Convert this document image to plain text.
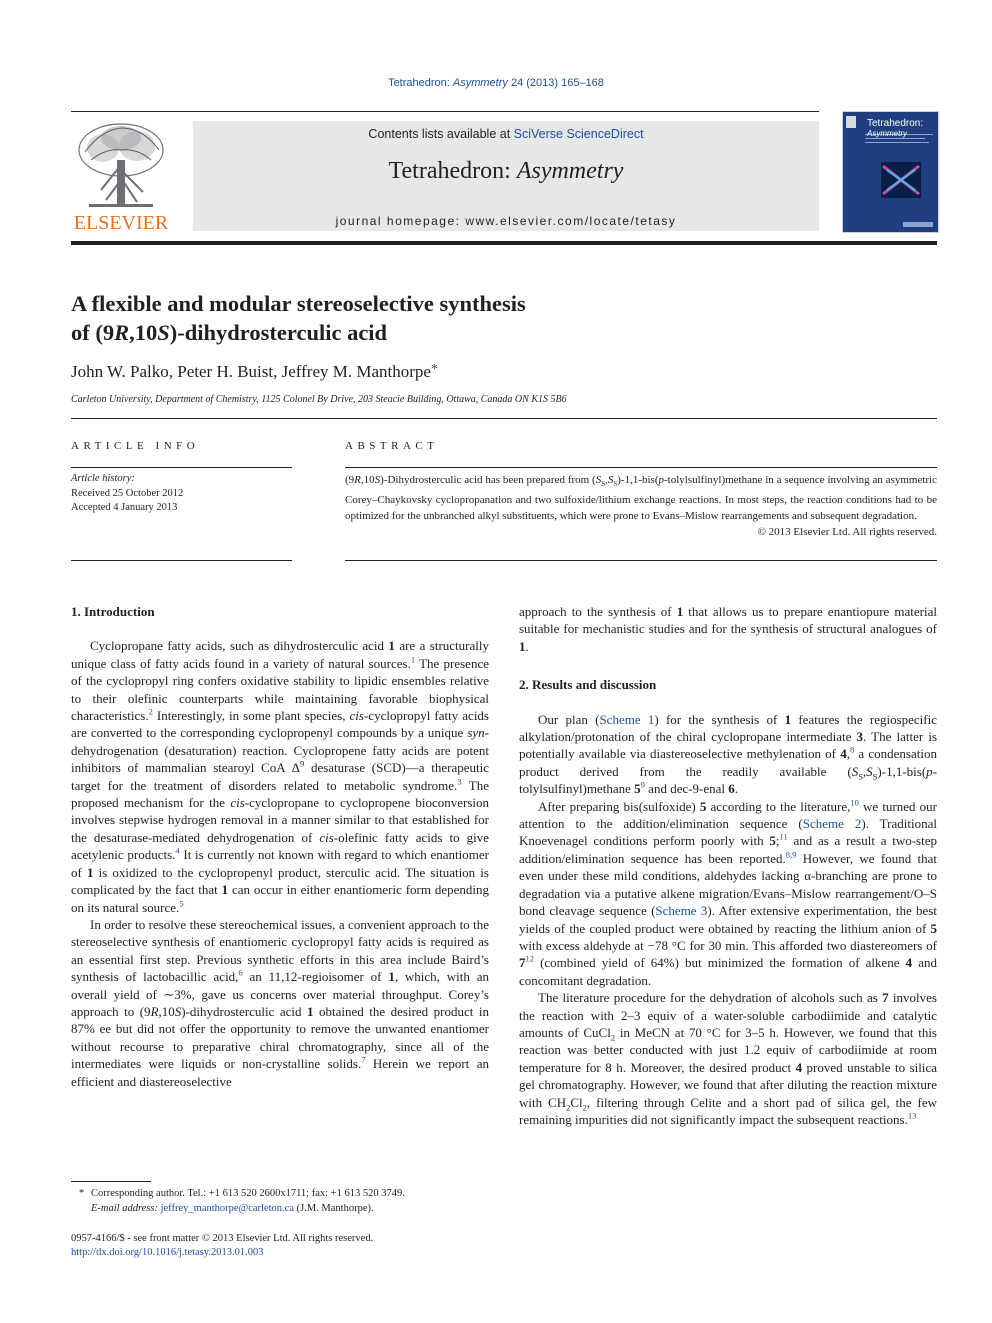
Tetrahedron: Asymmetry 24 (2013) 165–168
ELSEVIER
Contents lists available at SciVerse ScienceDirect
Tetrahedron: Asymmetry
journal homepage: www.elsevier.com/locate/tetasy
Tetrahedron:
Asymmetry
A flexible and modular stereoselective synthesis
of (9R,10S)-dihydrosterculic acid
John W. Palko, Peter H. Buist, Jeffrey M. Manthorpe*
Carleton University, Department of Chemistry, 1125 Colonel By Drive, 203 Steacie Building, Ottawa, Canada ON K1S 5B6
ARTICLE INFO
Article history:
Received 25 October 2012
Accepted 4 January 2013
ABSTRACT
(9R,10S)-Dihydrosterculic acid has been prepared from $(S_S,S_S)-1,1-bis(p-tolylsulfinyl)methane$ in a sequence involving an asymmetric Corey–Chaykovsky cyclopropanation and two sulfoxide/lithium exchange reactions. In most steps, the reaction conditions had to be optimized for the unbranched alkyl substituents, which were prone to Evans–Mislow rearrangements and subsequent degradation.
© 2013 Elsevier Ltd. All rights reserved.
1. Introduction

Cyclopropane fatty acids, such as dihydrosterculic acid 1 are a structurally unique class of fatty acids found in a variety of natural sources.$^1$ The presence of the cyclopropyl ring confers oxidative stability to lipidic ensembles relative to their olefinic counterparts while maintaining favorable biophysical characteristics.$^2$ Interestingly, in some plant species, cis-cyclopropyl fatty acids are converted to the corresponding cyclopropenyl compounds by a unique syn-dehydrogenation (desaturation) reaction. Cyclopropene fatty acids are potent inhibitors of mammalian stearoyl CoA $\Delta^9$ desaturase (SCD)—a therapeutic target for the treatment of disorders related to metabolic syndrome.$^3$ The proposed mechanism for the cis-cyclopropane to cyclopropene bioconversion involves stepwise hydrogen removal in a manner similar to that established for the desaturase-mediated dehydrogenation of cis-olefinic fatty acids to give acetylenic products.$^4$ It is currently not known with regard to which enantiomer of 1 is oxidized to the cyclopropenyl product, sterculic acid. The situation is complicated by the fact that 1 can occur in either enantiomeric form depending on its natural source.$^5$

In order to resolve these stereochemical issues, a convenient approach to the stereoselective synthesis of enantiomeric cyclopropyl fatty acids is required as an essential first step. Previous synthetic efforts in this area include Baird’s synthesis of lactobacillic acid,$^6$ an 11,12-regioisomer of 1, which, with an overall yield of ∼3%, gave us concerns over material throughput. Corey’s approach to (9R,10S)-dihydrosterculic acid 1 obtained the desired product in 87% ee but did not offer the opportunity to remove the unwanted enantiomer without recourse to preparative chiral chromatography, since all of the intermediates were liquids or non-crystalline solids.$^7$ Herein we report an efficient and diastereoselective

* Corresponding author. Tel.: +1 613 520 2600x1711; fax: +1 613 520 3749.
E-mail address: jeffrey_manthorpe@carleton.ca (J.M. Manthorpe).
0957-4166/$ - see front matter © 2013 Elsevier Ltd. All rights reserved.
http://dx.doi.org/10.1016/j.tetasy.2013.01.003

approach to the synthesis of 1 that allows us to prepare enantiopure material suitable for mechanistic studies and for the synthesis of structural analogues of 1.

2. Results and discussion

Our plan (Scheme 1) for the synthesis of 1 features the regiospecific alkylation/protonation of the chiral cyclopropane intermediate 3. The latter is potentially available via diastereoselective methylenation of 4,$^8$ a condensation product derived from the readily available $(S_S,S_S)-1,1-bis(p-tolylsulfinyl)methane$ $5^9$ and dec-9-enal 6.

After preparing bis(sulfoxide) 5 according to the literature,$^{10}$ we turned our attention to the addition/elimination sequence (Scheme 2). Traditional Knoevenagel conditions perform poorly with 5;$^{11}$ and as a result a two-step addition/elimination sequence has been reported.$^{8,9}$ However, we found that even under these mild conditions, aldehydes lacking α-branching are prone to degradation via a putative alkene migration/Evans–Mislow rearrangement/O–S bond cleavage sequence (Scheme 3). After extensive experimentation, the best yields of the coupled product were obtained by reacting the lithium anion of 5 with excess aldehyde at −78 °C for 30 min. This afforded two diastereomers of $7^{12}$ (combined yield of 64%) but minimized the formation of alkene 4 and concomitant degradation.

The literature procedure for the dehydration of alcohols such as 7 involves the reaction with 2–3 equiv of a water-soluble carbodiimide and catalytic amounts of CuCl$_2$ in MeCN at 70 °C for 3–5 h. However, we found that this reaction was better conducted with just 1.2 equiv of carbodiimide at room temperature for 8 h. Moreover, the desired product 4 proved unstable to silica gel chromatography. However, we found that after diluting the reaction mixture with $CH_2Cl_2$, filtering through Celite and a short pad of silica gel, the few remaining impurities did not significantly impact the subsequent reactions.$^{13}$
